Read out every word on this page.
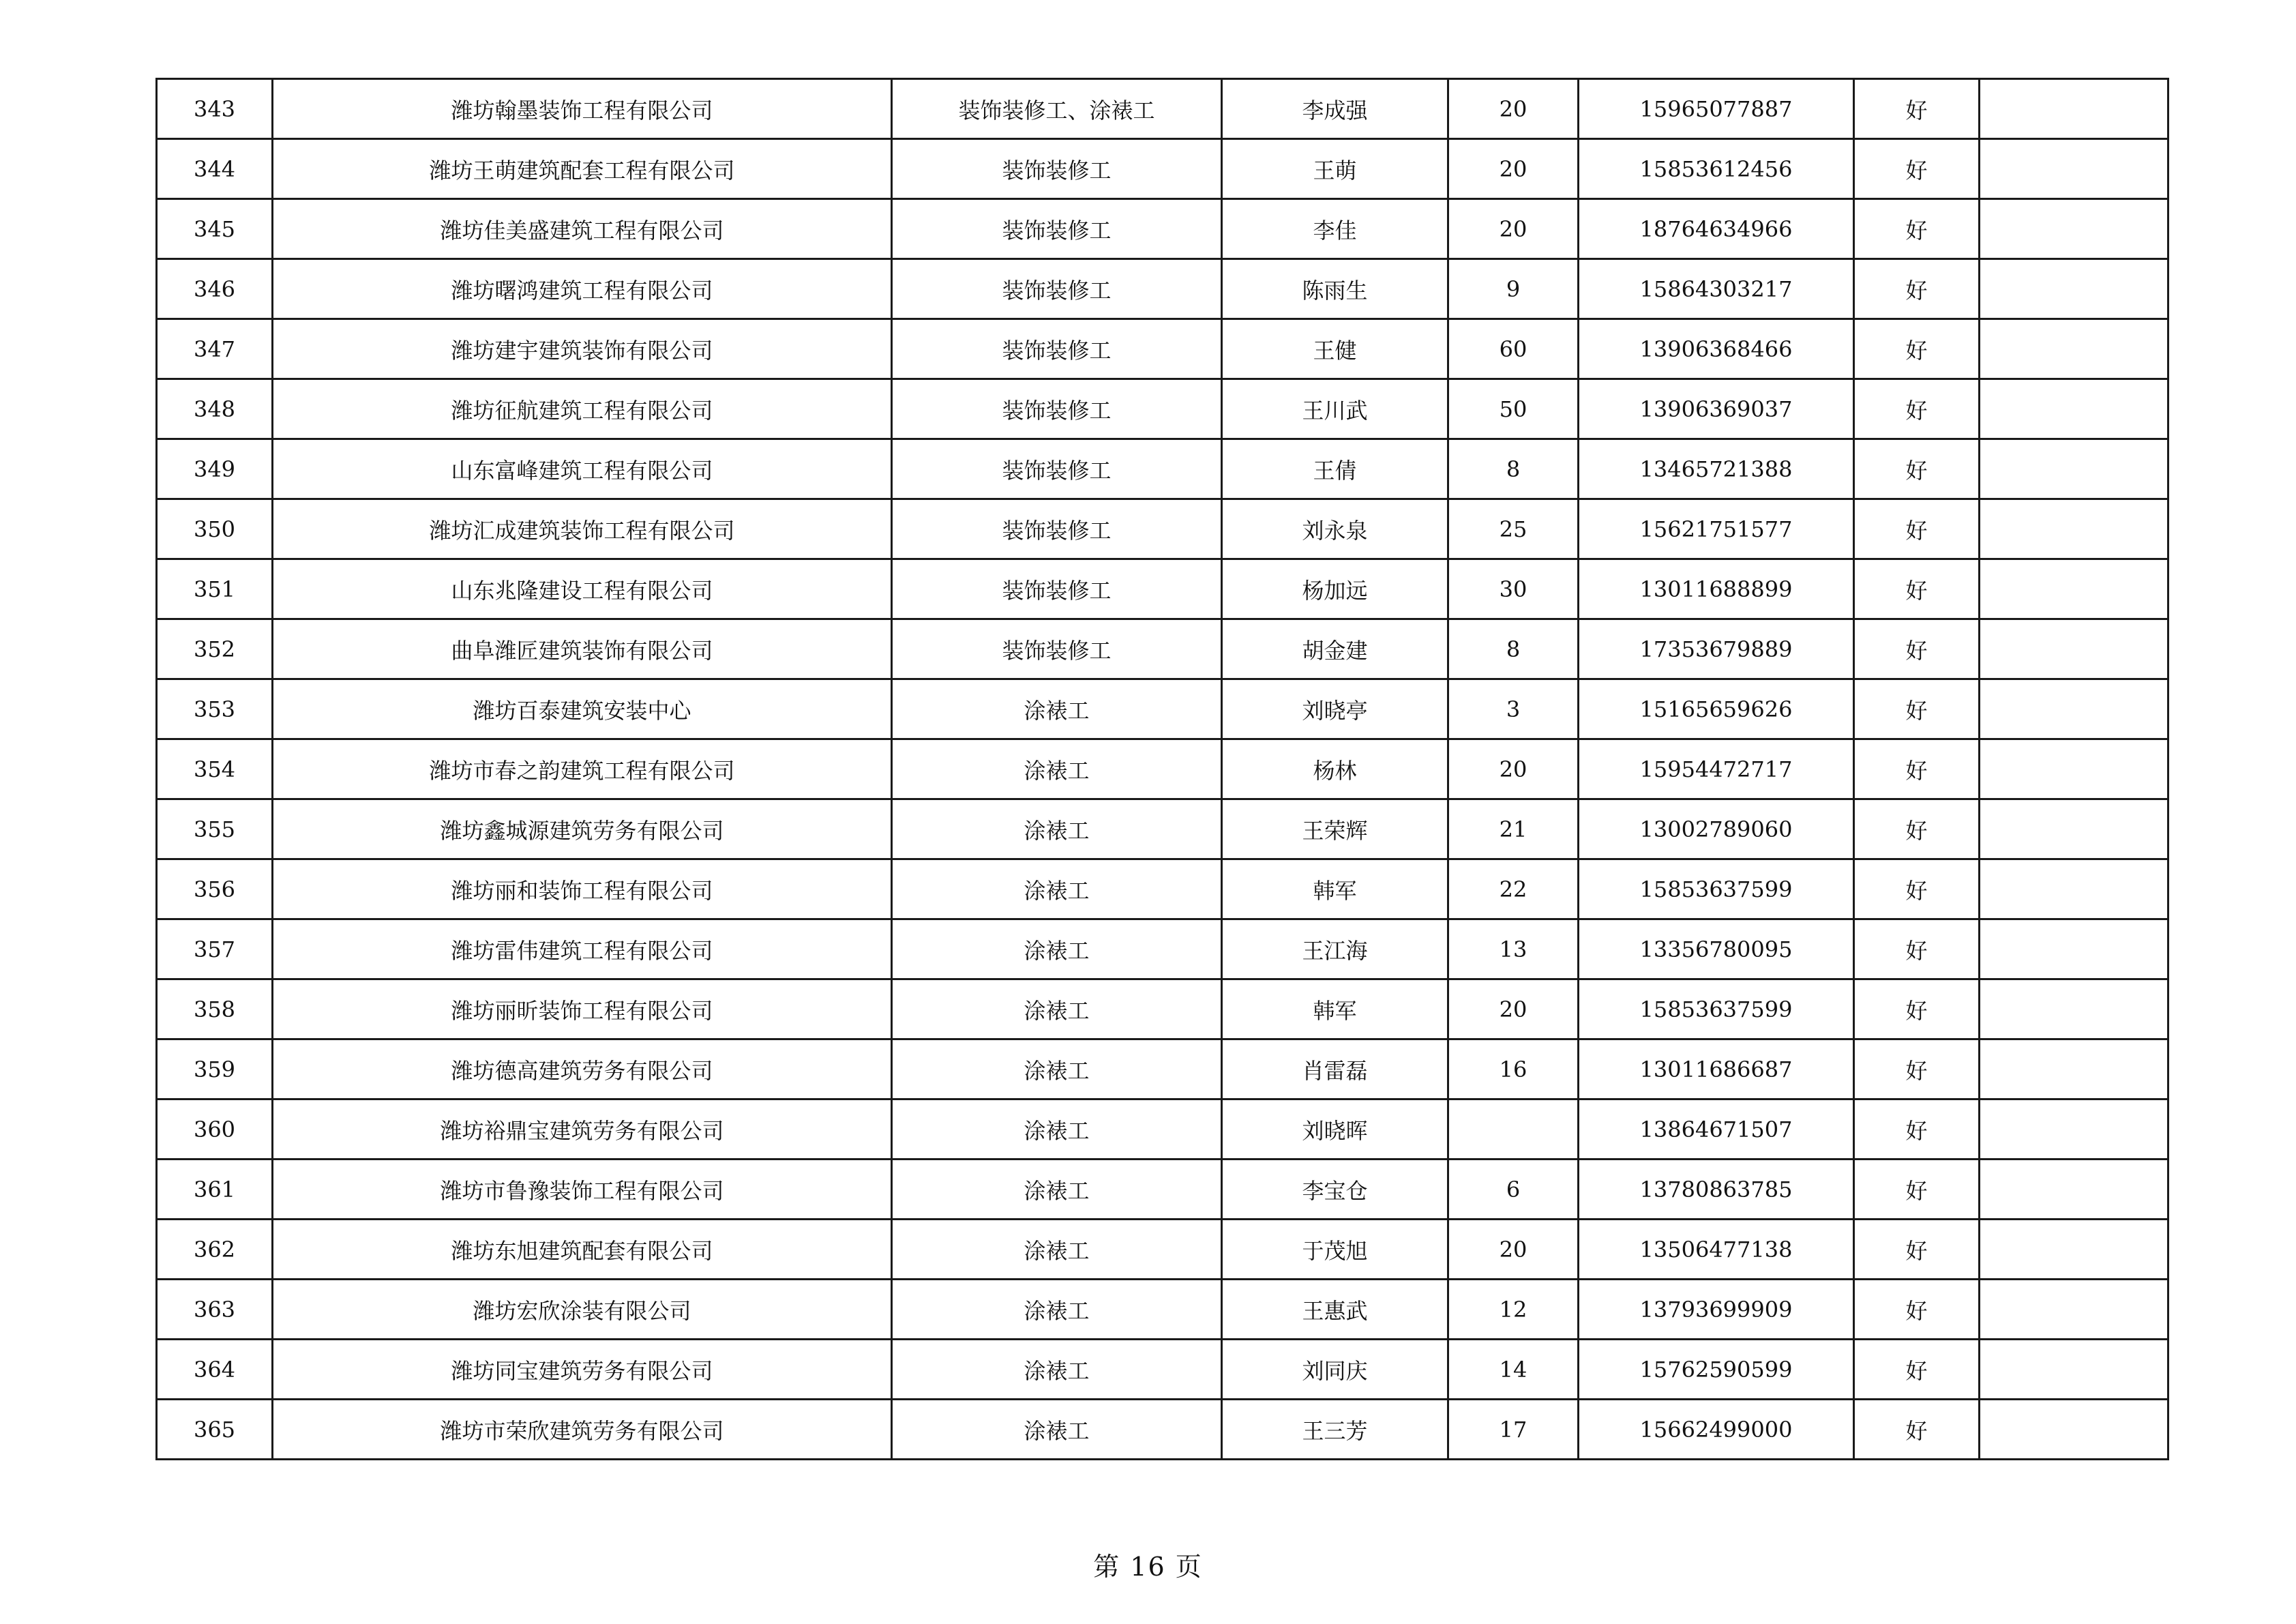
343	潍坊翰墨装饰工程有限公司	装饰装修工、涂裱工	李成强	20	15965077887	好	
344	潍坊王萌建筑配套工程有限公司	装饰装修工	王萌	20	15853612456	好	
345	潍坊佳美盛建筑工程有限公司	装饰装修工	李佳	20	18764634966	好	
346	潍坊曙鸿建筑工程有限公司	装饰装修工	陈雨生	9	15864303217	好	
347	潍坊建宇建筑装饰有限公司	装饰装修工	王健	60	13906368466	好	
348	潍坊征航建筑工程有限公司	装饰装修工	王川武	50	13906369037	好	
349	山东富峰建筑工程有限公司	装饰装修工	王倩	8	13465721388	好	
350	潍坊汇成建筑装饰工程有限公司	装饰装修工	刘永泉	25	15621751577	好	
351	山东兆隆建设工程有限公司	装饰装修工	杨加远	30	13011688899	好	
352	曲阜潍匠建筑装饰有限公司	装饰装修工	胡金建	8	17353679889	好	
353	潍坊百泰建筑安装中心	涂裱工	刘晓亭	3	15165659626	好	
354	潍坊市春之韵建筑工程有限公司	涂裱工	杨林	20	15954472717	好	
355	潍坊鑫城源建筑劳务有限公司	涂裱工	王荣辉	21	13002789060	好	
356	潍坊丽和装饰工程有限公司	涂裱工	韩军	22	15853637599	好	
357	潍坊雷伟建筑工程有限公司	涂裱工	王江海	13	13356780095	好	
358	潍坊丽昕装饰工程有限公司	涂裱工	韩军	20	15853637599	好	
359	潍坊德高建筑劳务有限公司	涂裱工	肖雷磊	16	13011686687	好	
360	潍坊裕鼎宝建筑劳务有限公司	涂裱工	刘晓晖		13864671507	好	
361	潍坊市鲁豫装饰工程有限公司	涂裱工	李宝仓	6	13780863785	好	
362	潍坊东旭建筑配套有限公司	涂裱工	于茂旭	20	13506477138	好	
363	潍坊宏欣涂装有限公司	涂裱工	王惠武	12	13793699909	好	
364	潍坊同宝建筑劳务有限公司	涂裱工	刘同庆	14	15762590599	好	
365	潍坊市荣欣建筑劳务有限公司	涂裱工	王三芳	17	15662499000	好	
第 16 页
